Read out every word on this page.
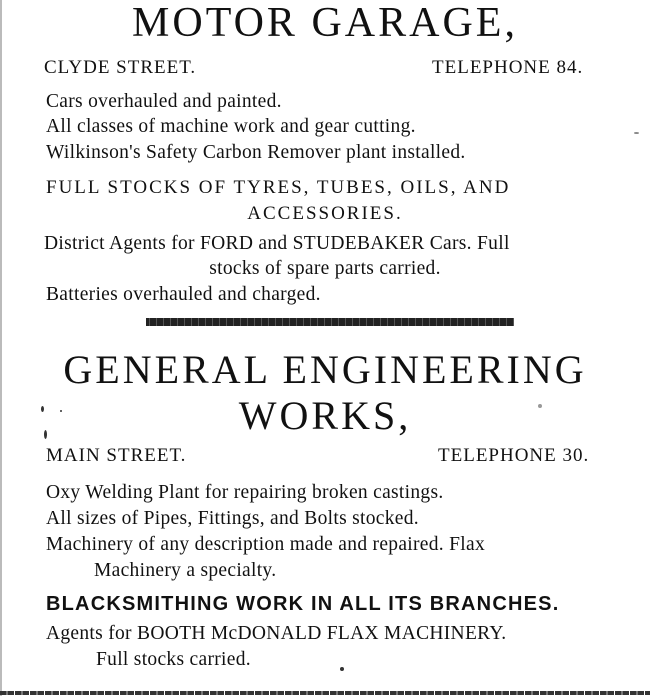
MOTOR GARAGE,
CLYDE STREET.	TELEPHONE 84.
Cars overhauled and painted.
All classes of machine work and gear cutting.
Wilkinson's Safety Carbon Remover plant installed.
FULL STOCKS OF TYRES, TUBES, OILS, AND
ACCESSORIES.
District Agents for FORD and STUDEBAKER Cars. Full
stocks of spare parts carried.
Batteries overhauled and charged.
GENERAL ENGINEERING
WORKS,
MAIN STREET.	TELEPHONE 30.
Oxy Welding Plant for repairing broken castings.
All sizes of Pipes, Fittings, and Bolts stocked.
Machinery of any description made and repaired. Flax
Machinery a specialty.
BLACKSMITHING WORK IN ALL ITS BRANCHES.
Agents for BOOTH McDONALD FLAX MACHINERY.
Full stocks carried.
